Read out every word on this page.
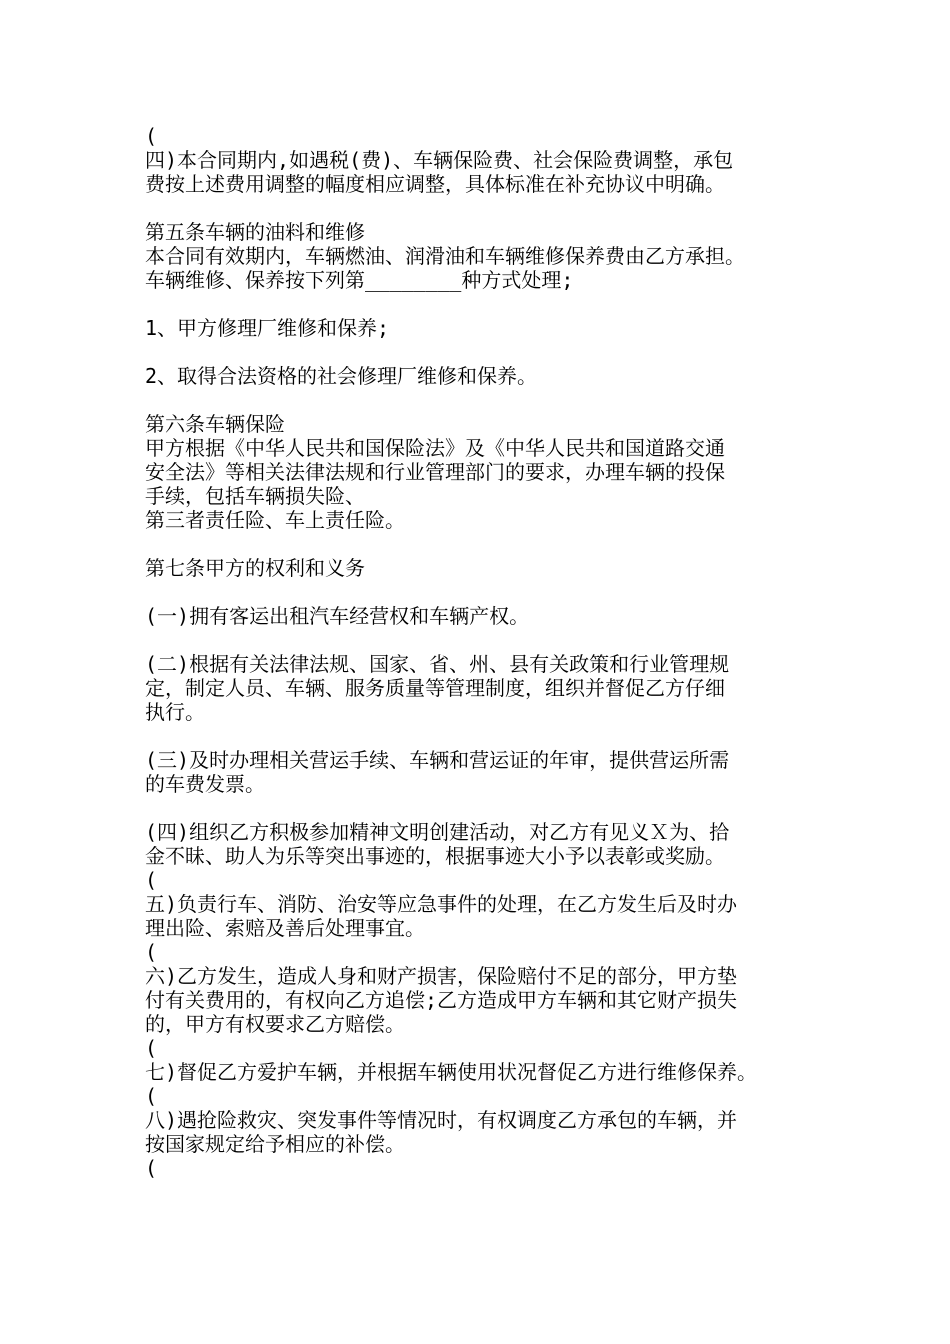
(
四)本合同期内,如遇税(费)、车辆保险费、社会保险费调整，承包
费按上述费用调整的幅度相应调整，具体标准在补充协议中明确。
第五条车辆的油料和维修
本合同有效期内，车辆燃油、润滑油和车辆维修保养费由乙方承担。
车辆维修、保养按下列第________种方式处理;
1、甲方修理厂维修和保养;
2、取得合法资格的社会修理厂维修和保养。
第六条车辆保险
甲方根据《中华人民共和国保险法》及《中华人民共和国道路交通
安全法》等相关法律法规和行业管理部门的要求，办理车辆的投保
手续，包括车辆损失险、
第三者责任险、车上责任险。
第七条甲方的权利和义务
(一)拥有客运出租汽车经营权和车辆产权。
(二)根据有关法律法规、国家、省、州、县有关政策和行业管理规
定，制定人员、车辆、服务质量等管理制度，组织并督促乙方仔细
执行。
(三)及时办理相关营运手续、车辆和营运证的年审，提供营运所需
的车费发票。
(四)组织乙方积极参加精神文明创建活动，对乙方有见义Ｘ为、拾
金不昧、助人为乐等突出事迹的，根据事迹大小予以表彰或奖励。
(
五)负责行车、消防、治安等应急事件的处理，在乙方发生后及时办
理出险、索赔及善后处理事宜。
(
六)乙方发生，造成人身和财产损害，保险赔付不足的部分，甲方垫
付有关费用的，有权向乙方追偿;乙方造成甲方车辆和其它财产损失
的，甲方有权要求乙方赔偿。
(
七)督促乙方爱护车辆，并根据车辆使用状况督促乙方进行维修保养。
(
八)遇抢险救灾、突发事件等情况时，有权调度乙方承包的车辆，并
按国家规定给予相应的补偿。
(
